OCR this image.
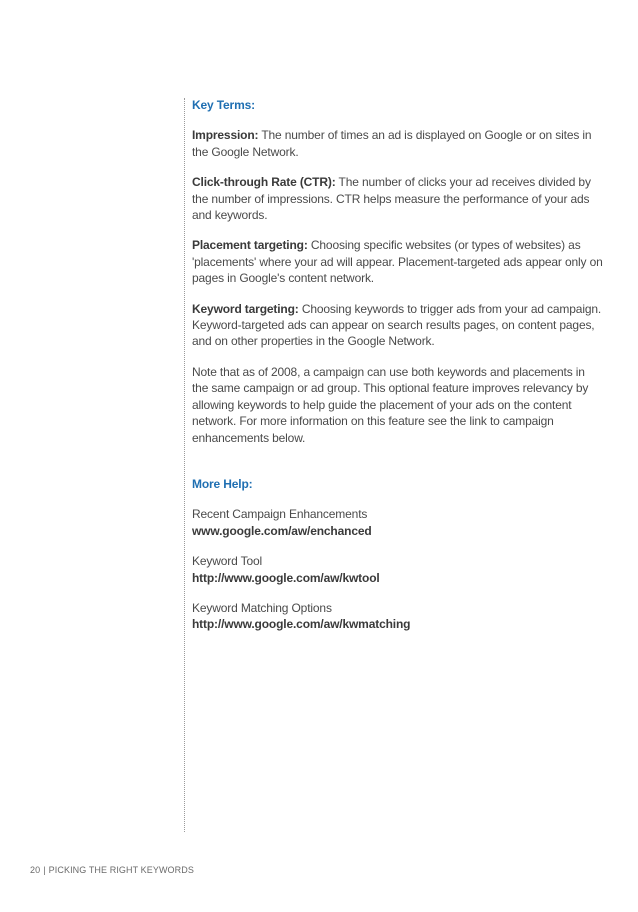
Key Terms:

Impression: The number of times an ad is displayed on Google or on sites in the Google Network.

Click-through Rate (CTR): The number of clicks your ad receives divided by the number of impressions. CTR helps measure the performance of your ads and keywords.

Placement targeting: Choosing specific websites (or types of websites) as 'placements' where your ad will appear. Placement-targeted ads appear only on pages in Google's content network.

Keyword targeting: Choosing keywords to trigger ads from your ad campaign. Keyword-targeted ads can appear on search results pages, on content pages, and on other properties in the Google Network.

Note that as of 2008, a campaign can use both keywords and placements in the same campaign or ad group. This optional feature improves relevancy by allowing keywords to help guide the placement of your ads on the content network. For more information on this feature see the link to campaign enhancements below.

More Help:

Recent Campaign Enhancements
www.google.com/aw/enchanced
Keyword Tool
http://www.google.com/aw/kwtool
Keyword Matching Options
http://www.google.com/aw/kwmatching
20 | PICKING THE RIGHT KEYWORDS
